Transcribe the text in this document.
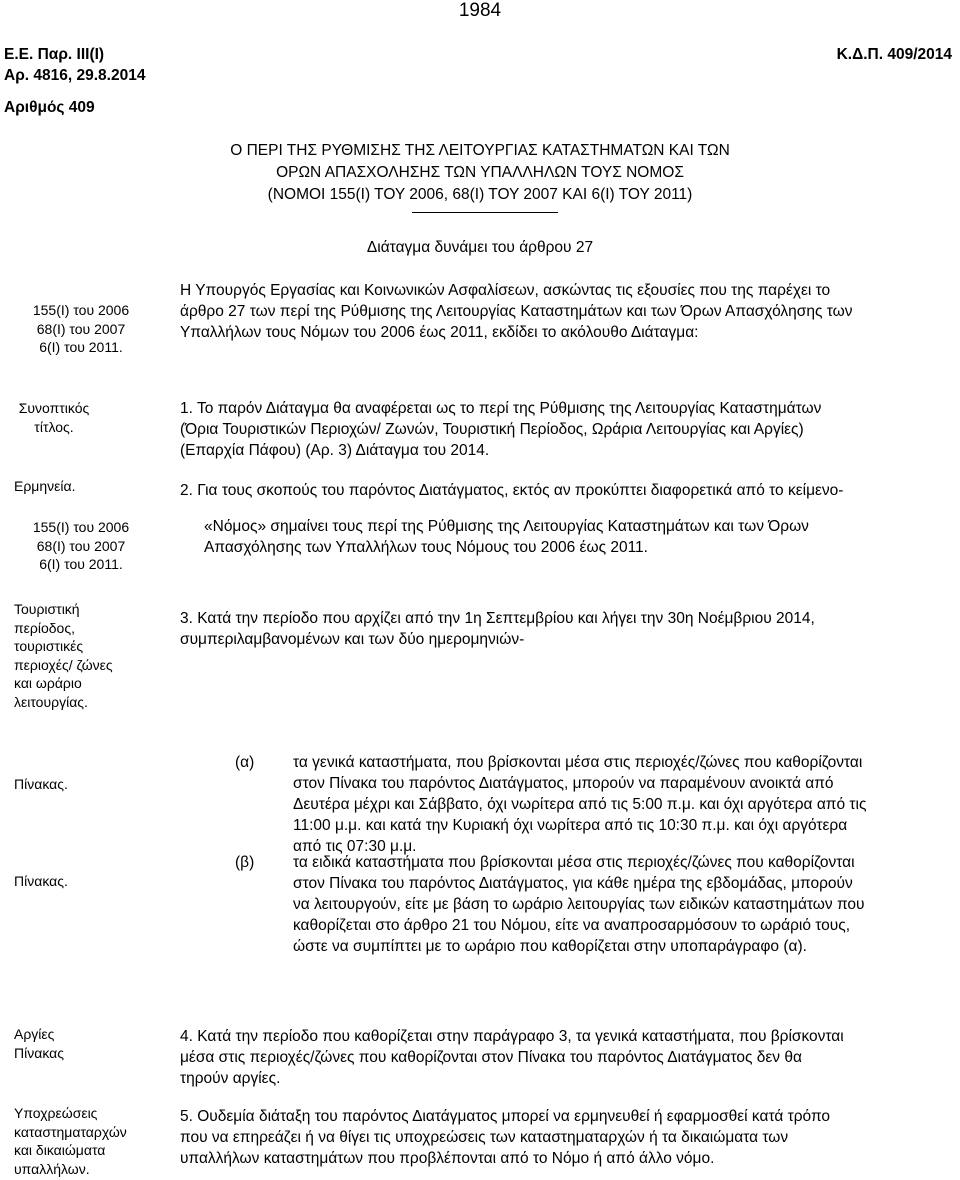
1984
Ε.Ε. Παρ. ΙΙΙ(Ι)
Αρ. 4816, 29.8.2014
Κ.Δ.Π. 409/2014
Αριθμός 409
Ο ΠΕΡΙ ΤΗΣ ΡΥΘΜΙΣΗΣ ΤΗΣ ΛΕΙΤΟΥΡΓΙΑΣ ΚΑΤΑΣΤΗΜΑΤΩΝ ΚΑΙ ΤΩΝ
ΟΡΩΝ ΑΠΑΣΧΟΛΗΣΗΣ ΤΩΝ ΥΠΑΛΛΗΛΩΝ ΤΟΥΣ ΝΟΜΟΣ
(ΝΟΜΟΙ 155(Ι) ΤΟΥ 2006, 68(Ι) ΤΟΥ 2007 ΚΑΙ 6(Ι) ΤΟΥ 2011)
Διάταγμα δυνάμει του άρθρου 27
155(Ι) του 2006
68(Ι) του 2007
6(Ι) του 2011.
Η Υπουργός Εργασίας και Κοινωνικών Ασφαλίσεων, ασκώντας τις εξουσίες που της παρέχει το
άρθρο 27 των περί της Ρύθμισης της Λειτουργίας Καταστημάτων και των Όρων Απασχόλησης των
Υπαλλήλων τους Νόμων του 2006 έως 2011, εκδίδει το ακόλουθο Διάταγμα:
Συνοπτικός
τίτλος.
1. Το παρόν Διάταγμα θα αναφέρεται ως το περί της Ρύθμισης της Λειτουργίας Καταστημάτων
(Όρια Τουριστικών Περιοχών/ Ζωνών, Τουριστική Περίοδος, Ωράρια Λειτουργίας και Αργίες)
(Επαρχία Πάφου) (Αρ. 3) Διάταγμα του 2014.
Ερμηνεία.
155(Ι) του 2006
68(Ι) του 2007
6(Ι) του 2011.
2. Για τους σκοπούς του παρόντος Διατάγματος, εκτός αν προκύπτει διαφορετικά από το κείμενο-
«Νόμος» σημαίνει τους περί της Ρύθμισης της Λειτουργίας Καταστημάτων και των Όρων
Απασχόλησης των Υπαλλήλων τους Νόμους του 2006 έως 2011.
Τουριστική
περίοδος,
τουριστικές
περιοχές/ ζώνες
και ωράριο
λειτουργίας.
3. Κατά την περίοδο που αρχίζει από την 1η Σεπτεμβρίου και λήγει την 30η Νοέμβριου 2014,
συμπεριλαμβανομένων και των δύο ημερομηνιών-
Πίνακας.
(α) τα γενικά καταστήματα, που βρίσκονται μέσα στις περιοχές/ζώνες που καθορίζονται
στον Πίνακα του παρόντος Διατάγματος, μπορούν να παραμένουν ανοικτά από
Δευτέρα μέχρι και Σάββατο, όχι νωρίτερα από τις 5:00 π.μ. και όχι αργότερα από τις
11:00 μ.μ. και κατά την Κυριακή όχι νωρίτερα από τις 10:30 π.μ. και όχι αργότερα
από τις 07:30 μ.μ.
Πίνακας.
(β)	τα ειδικά καταστήματα που βρίσκονται μέσα στις περιοχές/ζώνες που καθορίζονται
στον Πίνακα του παρόντος Διατάγματος, για κάθε ημέρα της εβδομάδας, μπορούν
να λειτουργούν, είτε με βάση το ωράριο λειτουργίας των ειδικών καταστημάτων που
καθορίζεται στο άρθρο 21 του Νόμου, είτε να αναπροσαρμόσουν το ωράριό τους,
ώστε να συμπίπτει με το ωράριο που καθορίζεται στην υποπαράγραφο (α).
Αργίες
Πίνακας
4. Κατά την περίοδο που καθορίζεται στην παράγραφο 3, τα γενικά καταστήματα, που βρίσκονται
μέσα στις περιοχές/ζώνες που καθορίζονται στον Πίνακα του παρόντος Διατάγματος δεν θα
τηρούν αργίες.
Υποχρεώσεις
καταστηματαρχών
και δικαιώματα
υπαλλήλων.
5. Ουδεμία διάταξη του παρόντος Διατάγματος μπορεί να ερμηνευθεί ή εφαρμοσθεί κατά τρόπο
που να επηρεάζει ή να θίγει τις υποχρεώσεις των καταστηματαρχών ή τα δικαιώματα των
υπαλλήλων καταστημάτων που προβλέπονται από το Νόμο ή από άλλο νόμο.
